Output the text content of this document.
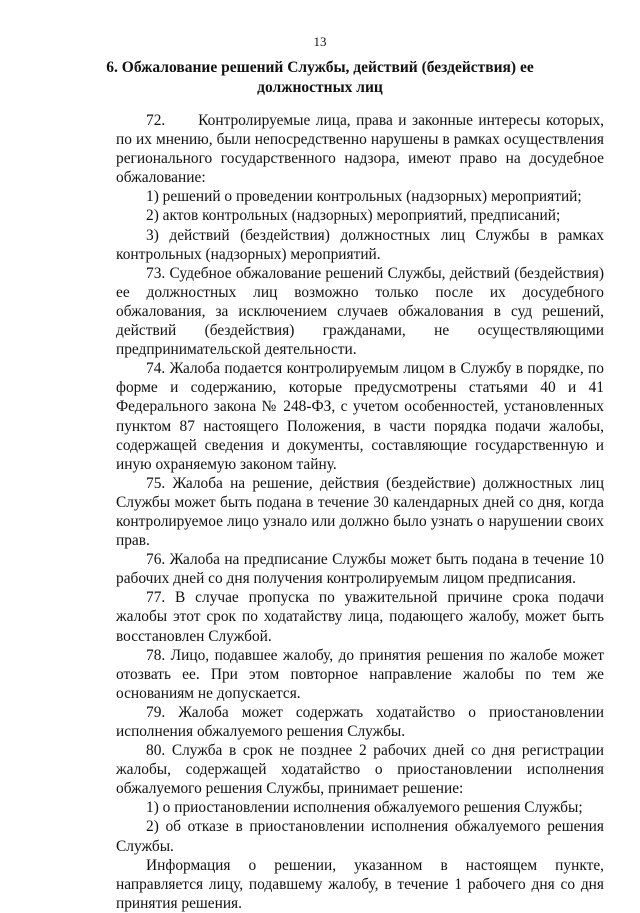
13
6. Обжалование решений Службы, действий (бездействия) ее
должностных лиц

72.      Контролируемые лица, права и законные интересы которых, по их мнению, были непосредственно нарушены в рамках осуществления регионального государственного надзора, имеют право на досудебное обжалование:

1) решений о проведении контрольных (надзорных) мероприятий;

2) актов контрольных (надзорных) мероприятий, предписаний;

3) действий (бездействия) должностных лиц Службы в рамках контрольных (надзорных) мероприятий.

73. Судебное обжалование решений Службы, действий (бездействия) ее должностных лиц возможно только после их досудебного обжалования, за исключением случаев обжалования в суд решений, действий (бездействия) гражданами, не осуществляющими предпринимательской деятельности.

74. Жалоба подается контролируемым лицом в Службу в порядке, по форме и содержанию, которые предусмотрены статьями 40 и 41 Федерального закона № 248-ФЗ, с учетом особенностей, установленных пунктом 87 настоящего Положения, в части порядка подачи жалобы, содержащей сведения и документы, составляющие государственную и иную охраняемую законом тайну.

75. Жалоба на решение, действия (бездействие) должностных лиц Службы может быть подана в течение 30 календарных дней со дня, когда контролируемое лицо узнало или должно было узнать о нарушении своих прав.

76. Жалоба на предписание Службы может быть подана в течение 10 рабочих дней со дня получения контролируемым лицом предписания.

77. В случае пропуска по уважительной причине срока подачи жалобы этот срок по ходатайству лица, подающего жалобу, может быть восстановлен Службой.

78. Лицо, подавшее жалобу, до принятия решения по жалобе может отозвать ее. При этом повторное направление жалобы по тем же основаниям не допускается.

79. Жалоба может содержать ходатайство о приостановлении исполнения обжалуемого решения Службы.

80. Служба в срок не позднее 2 рабочих дней со дня регистрации жалобы, содержащей ходатайство о приостановлении исполнения обжалуемого решения Службы, принимает решение:

1) о приостановлении исполнения обжалуемого решения Службы;

2) об отказе в приостановлении исполнения обжалуемого решения Службы.

Информация о решении, указанном в настоящем пункте, направляется лицу, подавшему жалобу, в течение 1 рабочего дня со дня принятия решения.
